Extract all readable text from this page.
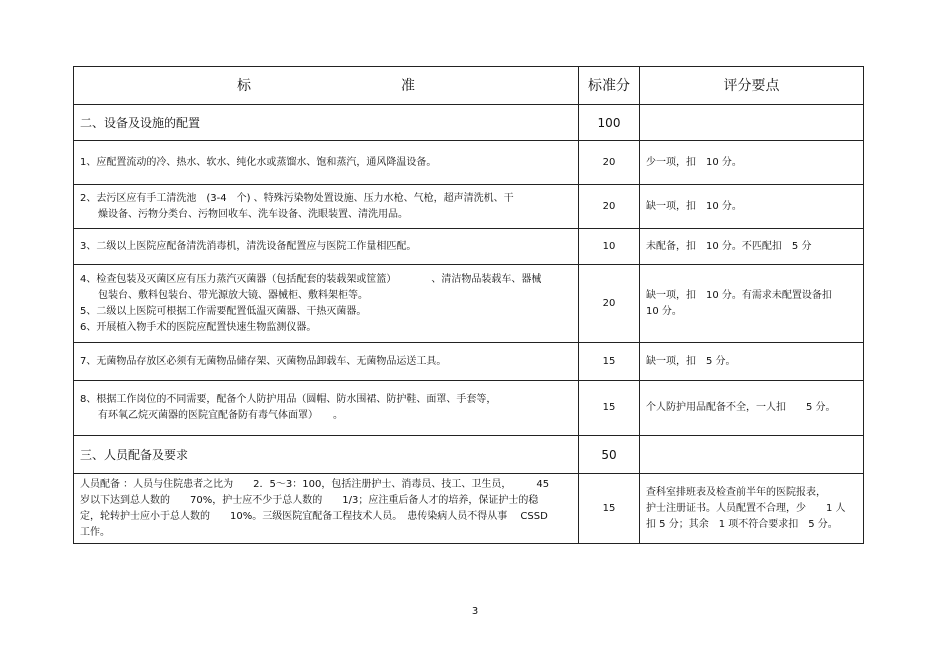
标 准	标准分	评分要点

二、设备及设施的配置	100	

1、应配置流动的冷、热水、软水、纯化水或蒸馏水、饱和蒸汽，通风降温设备。	20	少一项，扣　10 分。

2、去污区应有手工清洗池　(3-4　个) 、特殊污染物处置设施、压力水枪、气枪，超声清洗机、干
燥设备、污物分类台、污物回收车、洗车设备、洗眼装置、清洗用品。	20	缺一项，扣　10 分。

3、二级以上医院应配备清洗消毒机，清洗设备配置应与医院工作量相匹配。	10	未配备，扣　10 分。不匹配扣　5 分

4、检查包装及灭菌区应有压力蒸汽灭菌器（包括配套的装载架或筐篮）　　　　、清洁物品装载车、器械
包装台、敷料包装台、带光源放大镜、器械柜、敷料架柜等。
5、二级以上医院可根据工作需要配置低温灭菌器、干热灭菌器。
6、开展植入物手术的医院应配置快速生物监测仪器。	20	缺一项，扣　10 分。有需求未配置设备扣
10 分。

7、无菌物品存放区必须有无菌物品储存架、灭菌物品卸载车、无菌物品运送工具。	15	缺一项，扣　5 分。

8、根据工作岗位的不同需要，配备个人防护用品（圆帽、防水围裙、防护鞋、面罩、手套等，
有环氧乙烷灭菌器的医院宜配备防有毒气体面罩）　　。	15	个人防护用品配备不全，一人扣　　5 分。

三、人员配备及要求	50	

人员配备 ：人员与住院患者之比为　　2．5～3：100，包括注册护士、消毒员、技工、卫生员，　　　45
岁以下达到总人数的　　70%，护士应不少于总人数的　　1/3；应注重后备人才的培养，保证护士的稳
定，轮转护士应小于总人数的　　10%。三级医院宜配备工程技术人员。　患传染病人员不得从事　 CSSD
工作。	15	查科室排班表及检查前半年的医院报表，
护士注册证书。人员配置不合理，少　　1 人
扣 5 分；其余　1 项不符合要求扣　5 分。
3
